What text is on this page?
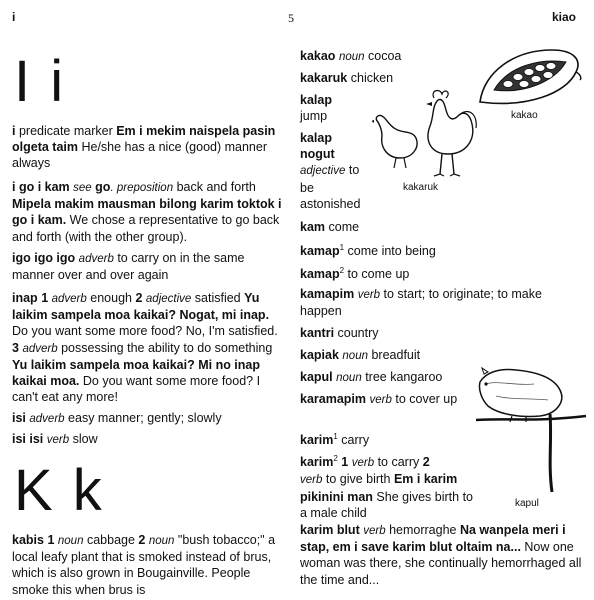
i	5	kiao
I i

i predicate marker Em i mekim naispela pasin olgeta taim He/she has a nice (good) manner always

i go i kam see go. preposition back and forth Mipela makim mausman bilong karim toktok i go i kam. We chose a representative to go back and forth (with the other group).

igo igo igo adverb to carry on in the same manner over and over again

inap 1 adverb enough 2 adjective satisfied Yu laikim sampela moa kaikai? Nogat, mi inap. Do you want some more food? No, I'm satisfied. 3 adverb possessing the ability to do something Yu laikim sampela moa kaikai? Mi no inap kaikai moa. Do you want some more food? I can't eat any more!

isi adverb easy manner; gently; slowly

isi isi verb slow

K k

kabis 1 noun cabbage 2 noun "bush tobacco;" a local leafy plant that is smoked instead of brus, which is also grown in Bougainville. People smoke this when brus is

kakao noun cocoa

kakaruk chicken

kalap
jump

kalap
nogut
adjective to
be
astonished

kam come

kamap$^1$ come into being

kamap$^2$ to come up

kamapim verb to start; to originate; to make happen

kantri country

kapiak noun breadfuit

kapul noun tree kangaroo

karamapim verb to cover up

karim$^1$ carry

karim$^2$ 1 verb to carry 2
verb to give birth Em i karim pikinini man She gives birth to a male child

karim blut verb hemorraghe Na wanpela meri i stap, em i save karim blut oltaim na... Now one woman was there, she continually hemorrhaged all the time and...

kakao
kakaruk
kapul
